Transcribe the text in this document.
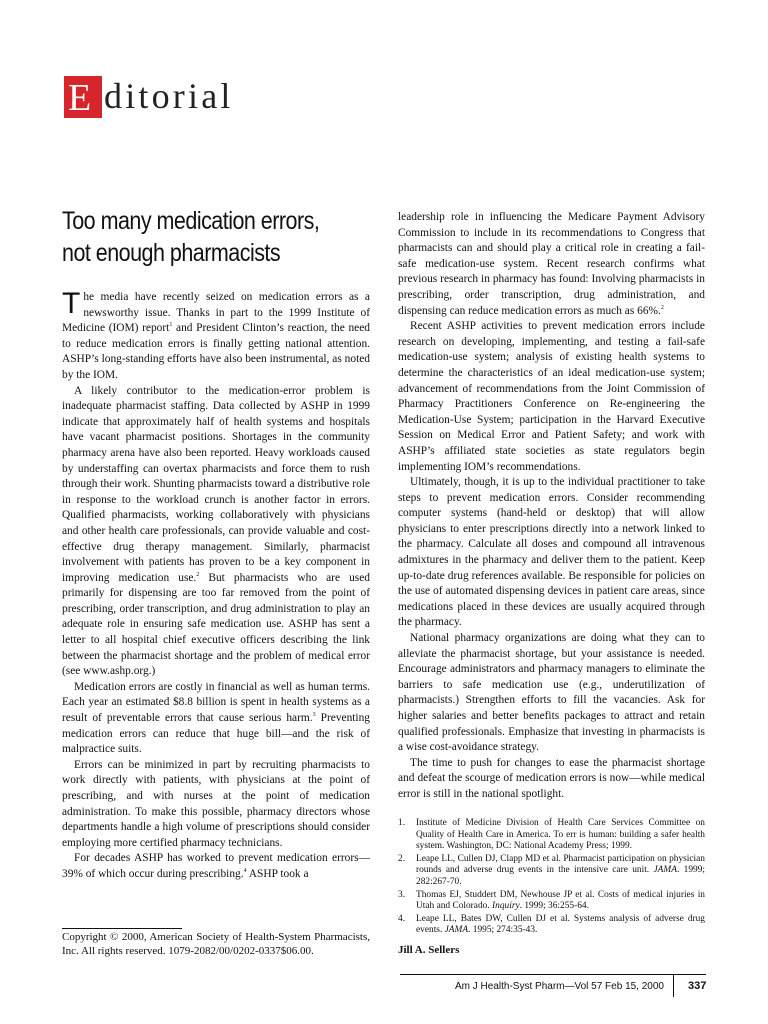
E ditorial
Too many medication errors,
not enough pharmacists

The media have recently seized on medication errors as a newsworthy issue. Thanks in part to the 1999 Institute of Medicine (IOM) report$^1$ and President Clinton’s reaction, the need to reduce medication errors is finally getting national attention. ASHP’s long-standing efforts have also been instrumental, as noted by the IOM.

A likely contributor to the medication-error problem is inadequate pharmacist staffing. Data collected by ASHP in 1999 indicate that approximately half of health systems and hospitals have vacant pharmacist positions. Shortages in the community pharmacy arena have also been reported. Heavy workloads caused by understaffing can overtax pharmacists and force them to rush through their work. Shunting pharmacists toward a distributive role in response to the workload crunch is another factor in errors. Qualified pharmacists, working collaboratively with physicians and other health care professionals, can provide valuable and cost-effective drug therapy management. Similarly, pharmacist involvement with patients has proven to be a key component in improving medication use.$^2$ But pharmacists who are used primarily for dispensing are too far removed from the point of prescribing, order transcription, and drug administration to play an adequate role in ensuring safe medication use. ASHP has sent a letter to all hospital chief executive officers describing the link between the pharmacist shortage and the problem of medical error (see www.ashp.org.)

Medication errors are costly in financial as well as human terms. Each year an estimated $8.8 billion is spent in health systems as a result of preventable errors that cause serious harm.$^3$ Preventing medication errors can reduce that huge bill—and the risk of malpractice suits.

Errors can be minimized in part by recruiting pharmacists to work directly with patients, with physicians at the point of prescribing, and with nurses at the point of medication administration. To make this possible, pharmacy directors whose departments handle a high volume of prescriptions should consider employing more certified pharmacy technicians.

For decades ASHP has worked to prevent medication errors—39% of which occur during prescribing.$^4$ ASHP took a

Copyright © 2000, American Society of Health-System Pharmacists, Inc. All rights reserved. 1079-2082/00/0202-0337$06.00.

leadership role in influencing the Medicare Payment Advisory Commission to include in its recommendations to Congress that pharmacists can and should play a critical role in creating a fail-safe medication-use system. Recent research confirms what previous research in pharmacy has found: Involving pharmacists in prescribing, order transcription, drug administration, and dispensing can reduce medication errors as much as 66%.$^2$

Recent ASHP activities to prevent medication errors include research on developing, implementing, and testing a fail-safe medication-use system; analysis of existing health systems to determine the characteristics of an ideal medication-use system; advancement of recommendations from the Joint Commission of Pharmacy Practitioners Conference on Re-engineering the Medication-Use System; participation in the Harvard Executive Session on Medical Error and Patient Safety; and work with ASHP’s affiliated state societies as state regulators begin implementing IOM’s recommendations.

Ultimately, though, it is up to the individual practitioner to take steps to prevent medication errors. Consider recommending computer systems (hand-held or desktop) that will allow physicians to enter prescriptions directly into a network linked to the pharmacy. Calculate all doses and compound all intravenous admixtures in the pharmacy and deliver them to the patient. Keep up-to-date drug references available. Be responsible for policies on the use of automated dispensing devices in patient care areas, since medications placed in these devices are usually acquired through the pharmacy.

National pharmacy organizations are doing what they can to alleviate the pharmacist shortage, but your assistance is needed. Encourage administrators and pharmacy managers to eliminate the barriers to safe medication use (e.g., underutilization of pharmacists.) Strengthen efforts to fill the vacancies. Ask for higher salaries and better benefits packages to attract and retain qualified professionals. Emphasize that investing in pharmacists is a wise cost-avoidance strategy.

The time to push for changes to ease the pharmacist shortage and defeat the scourge of medication errors is now—while medical error is still in the national spotlight.

1. Institute of Medicine Division of Health Care Services Committee on Quality of Health Care in America. To err is human: building a safer health system. Washington, DC: National Academy Press; 1999.
2. Leape LL, Cullen DJ, Clapp MD et al. Pharmacist participation on physician rounds and adverse drug events in the intensive care unit. JAMA. 1999; 282:267-70.
3. Thomas EJ, Studdert DM, Newhouse JP et al. Costs of medical injuries in Utah and Colorado. Inquiry. 1999; 36:255-64.
4. Leape LL, Bates DW, Cullen DJ et al. Systems analysis of adverse drug events. JAMA. 1995; 274:35-43.
Jill A. Sellers
Am J Health-Syst Pharm—Vol 57 Feb 15, 2000 337
